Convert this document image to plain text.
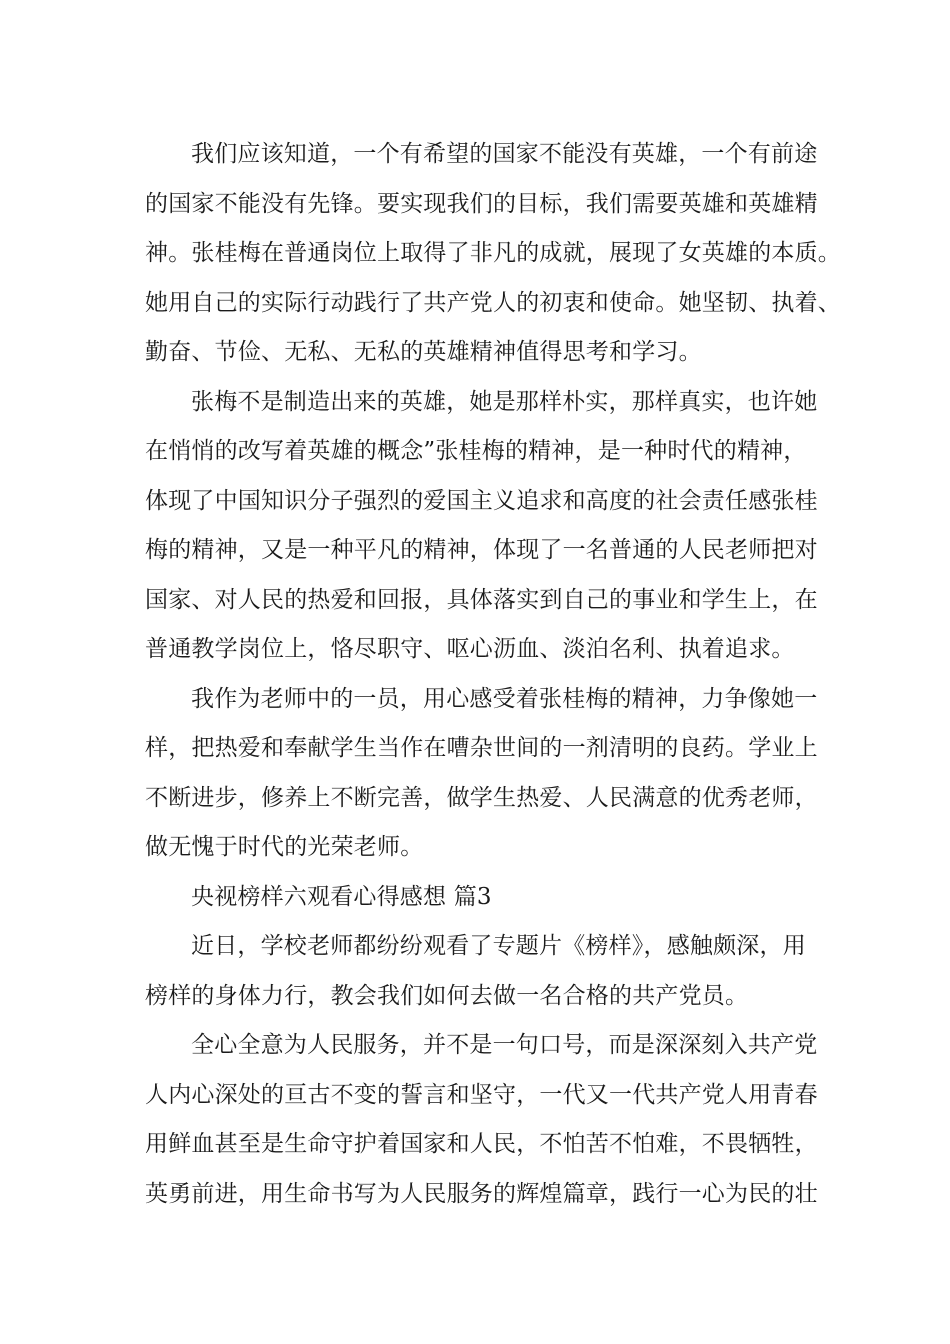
我们应该知道，一个有希望的国家不能没有英雄，一个有前途
的国家不能没有先锋。要实现我们的目标，我们需要英雄和英雄精
神。张桂梅在普通岗位上取得了非凡的成就，展现了女英雄的本质。
她用自己的实际行动践行了共产党人的初衷和使命。她坚韧、执着、
勤奋、节俭、无私、无私的英雄精神值得思考和学习。
张梅不是制造出来的英雄，她是那样朴实，那样真实，也许她
在悄悄的改写着英雄的概念”张桂梅的精神，是一种时代的精神，
体现了中国知识分子强烈的爱国主义追求和高度的社会责任感张桂
梅的精神，又是一种平凡的精神，体现了一名普通的人民老师把对
国家、对人民的热爱和回报，具体落实到自己的事业和学生上，在
普通教学岗位上，恪尽职守、呕心沥血、淡泊名利、执着追求。
我作为老师中的一员，用心感受着张桂梅的精神，力争像她一
样，把热爱和奉献学生当作在嘈杂世间的一剂清明的良药。学业上
不断进步，修养上不断完善，做学生热爱、人民满意的优秀老师，
做无愧于时代的光荣老师。
央视榜样六观看心得感想 篇3
近日，学校老师都纷纷观看了专题片《榜样》，感触颇深，用
榜样的身体力行，教会我们如何去做一名合格的共产党员。
全心全意为人民服务，并不是一句口号，而是深深刻入共产党
人内心深处的亘古不变的誓言和坚守，一代又一代共产党人用青春
用鲜血甚至是生命守护着国家和人民，不怕苦不怕难，不畏牺牲，
英勇前进，用生命书写为人民服务的辉煌篇章，践行一心为民的壮
